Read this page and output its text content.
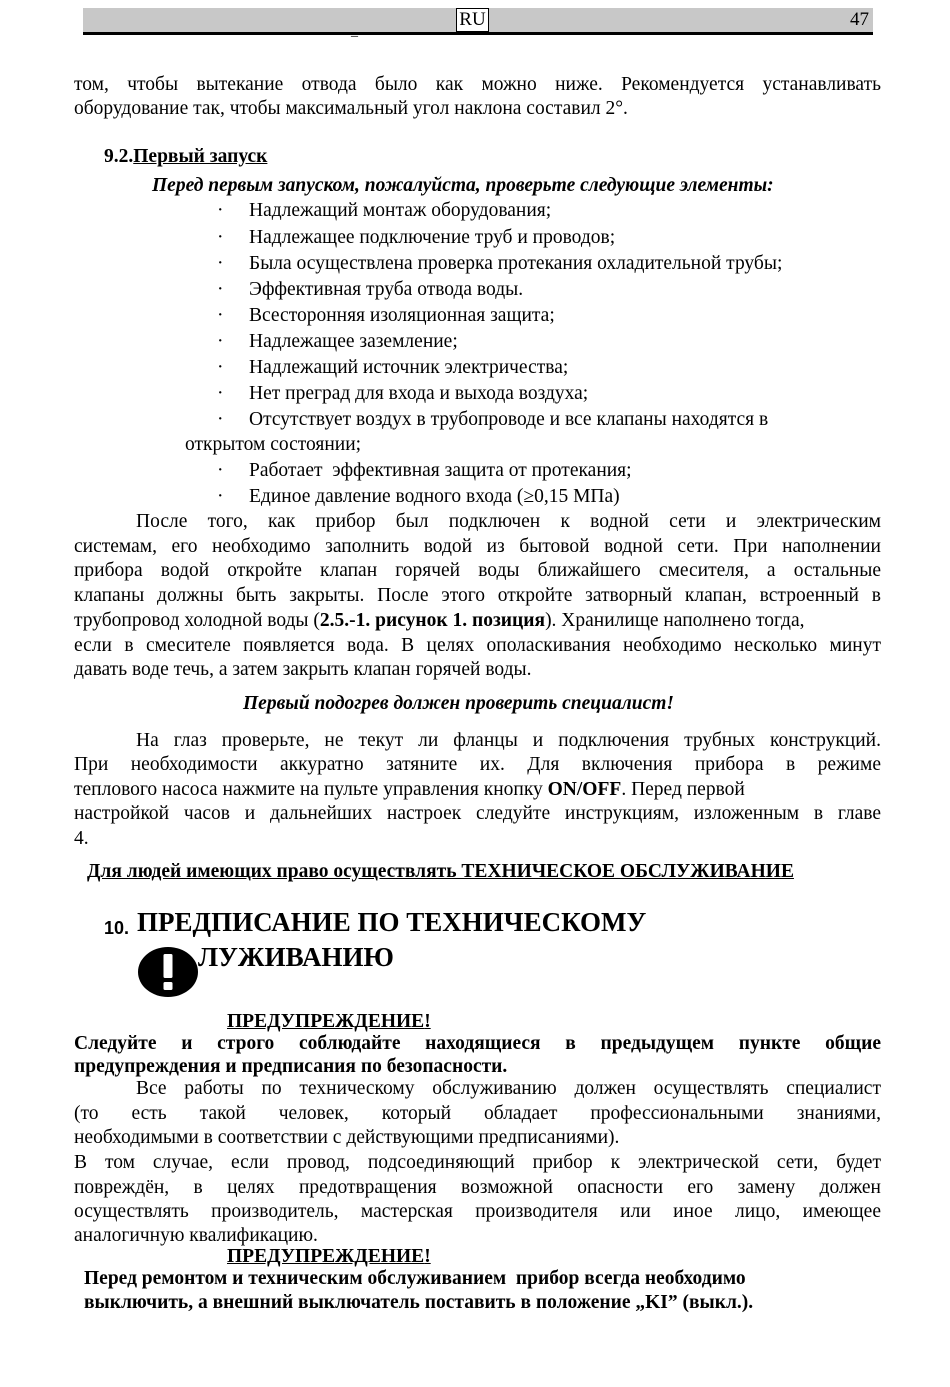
_
RU	47
том, чтобы вытекание отвода было как можно ниже. Рекомендуется устанавливать
оборудование так, чтобы максимальный угол наклона составил 2°.
9.2.Первый запуск
Перед первым запуском, пожалуйста, проверьте следующие элементы:
· Надлежащий монтаж оборудования;
· Надлежащее подключение труб и проводов;
· Была осуществлена проверка протекания охладительной трубы;
· Эффективная труба отвода воды.
· Всесторонняя изоляционная защита;
· Надлежащее заземление;
· Надлежащий источник электричества;
· Нет преград для входа и выхода воздуха;
· Отсутствует воздух в трубопроводе и все клапаны находятся в
открытом состоянии;
· Работает  эффективная защита от протекания;
· Единое давление водного входа (≥0,15 МПа)
После того, как прибор был подключен к водной сети и электрическим
системам, его необходимо заполнить водой из бытовой водной сети. При наполнении
прибора водой откройте клапан горячей воды ближайшего смесителя, а остальные
клапаны должны быть закрыты. После этого откройте затворный клапан, встроенный в
трубопровод холодной воды (2.5.-1. рисунок 1. позиция). Хранилище наполнено тогда,
если в смесителе появляется вода. В целях ополаскивания необходимо несколько минут
давать воде течь, а затем закрыть клапан горячей воды.
Первый подогрев должен проверить специалист!
На глаз проверьте, не текут ли фланцы и подключения трубных конструкций.
При необходимости аккуратно затяните их. Для включения прибора в режиме
теплового насоса нажмите на пульте управления кнопку ON/OFF. Перед первой
настройкой часов и дальнейших настроек следуйте инструкциям, изложенным в главе
4.
Для людей имеющих право осуществлять ТЕХНИЧЕСКОЕ ОБСЛУЖИВАНИЕ
10. ПРЕДПИСАНИЕ ПО ТЕХНИЧЕСКОМУ
ЛУЖИВАНИЮ
ПРЕДУПРЕЖДЕНИЕ!
Следуйте и строго соблюдайте находящиеся в предыдущем пункте общие
предупреждения и предписания по безопасности.
Все работы по техническому обслуживанию должен осуществлять специалист
(то есть такой человек, который обладает профессиональными знаниями,
необходимыми в соответствии с действующими предписаниями).
В том случае, если провод, подсоединяющий прибор к электрической сети, будет
повреждён, в целях предотвращения возможной опасности его замену должен
осуществлять производитель, мастерская производителя или иное лицо, имеющее
аналогичную квалификацию.
ПРЕДУПРЕЖДЕНИЕ!
Перед ремонтом и техническим обслуживанием  прибор всегда необходимо
выключить, а внешний выключатель поставить в положение „KI” (выкл.).
